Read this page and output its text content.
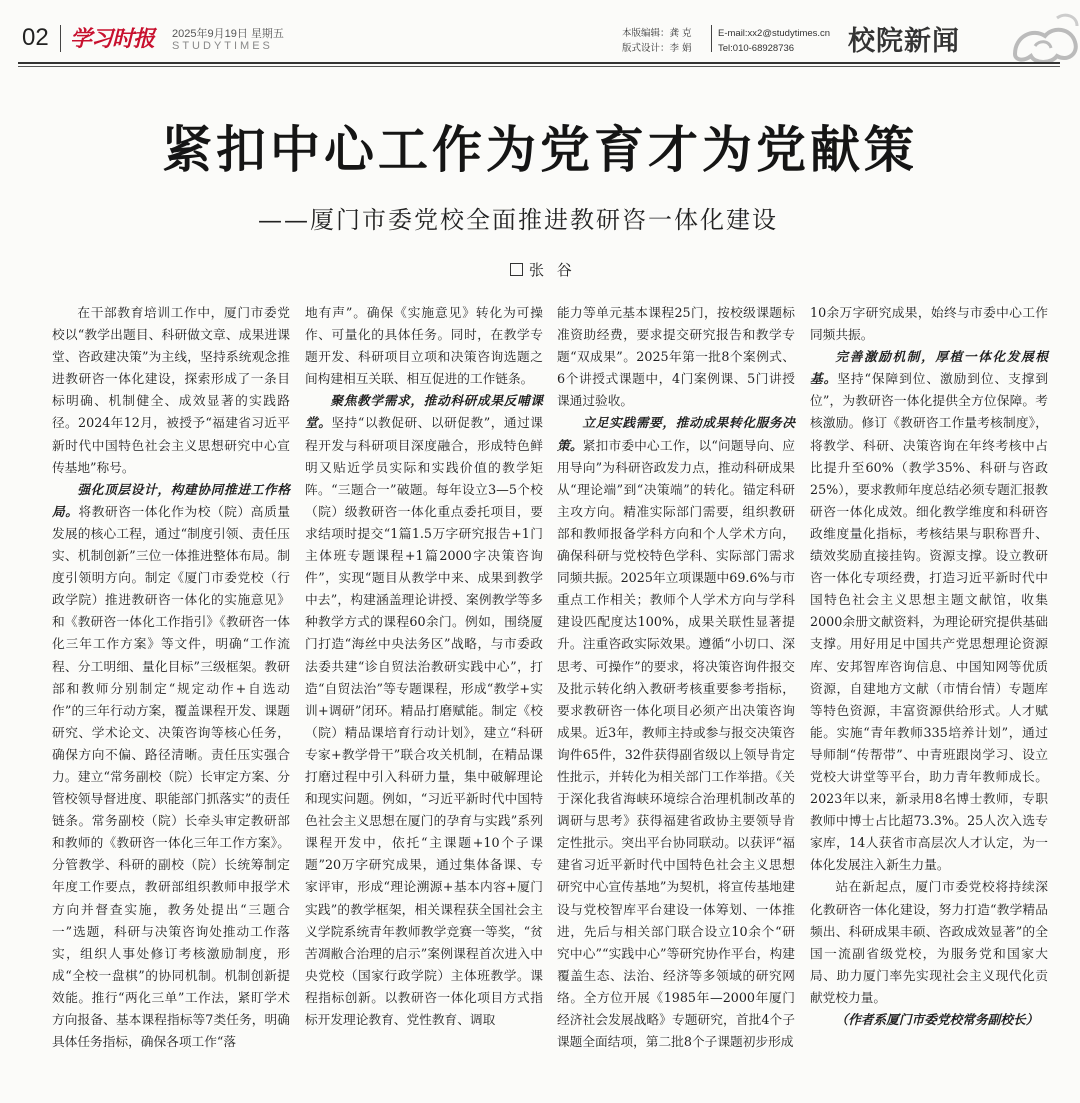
02 学习时报 2025年9月19日 星期五
STUDYTIMES
本版编辑：龚 克
版式设计：李 娟
E-mail:xx2@studytimes.cn
Tel:010-68928736	校院新闻
紧扣中心工作为党育才为党献策
——厦门市委党校全面推进教研咨一体化建设
张 谷

在干部教育培训工作中，厦门市委党校以“教学出题目、科研做文章、成果进课堂、咨政建决策”为主线，坚持系统观念推进教研咨一体化建设，探索形成了一条目标明确、机制健全、成效显著的实践路径。2024年12月，被授予“福建省习近平新时代中国特色社会主义思想研究中心宣传基地”称号。

强化顶层设计，构建协同推进工作格局。将教研咨一体化作为校（院）高质量发展的核心工程，通过“制度引领、责任压实、机制创新”三位一体推进整体布局。制度引领明方向。制定《厦门市委党校（行政学院）推进教研咨一体化的实施意见》和《教研咨一体化工作指引》《教研咨一体化三年工作方案》等文件，明确“工作流程、分工明细、量化目标”三级框架。教研部和教师分别制定“规定动作+自选动作”的三年行动方案，覆盖课程开发、课题研究、学术论文、决策咨询等核心任务，确保方向不偏、路径清晰。责任压实强合力。建立“常务副校（院）长审定方案、分管校领导督进度、职能部门抓落实”的责任链条。常务副校（院）长牵头审定教研部和教师的《教研咨一体化三年工作方案》。分管教学、科研的副校（院）长统筹制定年度工作要点，教研部组织教师申报学术方向并督查实施，教务处提出“三题合一”选题，科研与决策咨询处推动工作落实，组织人事处修订考核激励制度，形成“全校一盘棋”的协同机制。机制创新提效能。推行“两化三单”工作法，紧盯学术方向报备、基本课程指标等7类任务，明确具体任务指标，确保各项工作“落

地有声”。确保《实施意见》转化为可操作、可量化的具体任务。同时，在教学专题开发、科研项目立项和决策咨询选题之间构建相互关联、相互促进的工作链条。

聚焦教学需求，推动科研成果反哺课堂。坚持“以教促研、以研促教”，通过课程开发与科研项目深度融合，形成特色鲜明又贴近学员实际和实践价值的教学矩阵。“三题合一”破题。每年设立3—5个校（院）级教研咨一体化重点委托项目，要求结项时提交“1篇1.5万字研究报告+1门主体班专题课程+1篇2000字决策咨询件”，实现“题目从教学中来、成果到教学中去”，构建涵盖理论讲授、案例教学等多种教学方式的课程60余门。例如，围绕厦门打造“海丝中央法务区”战略，与市委政法委共建“诊自贸法治教研实践中心”，打造“自贸法治”等专题课程，形成“教学+实训+调研”闭环。精品打磨赋能。制定《校（院）精品课培育行动计划》，建立“科研专家+教学骨干”联合攻关机制，在精品课打磨过程中引入科研力量，集中破解理论和现实问题。例如，“习近平新时代中国特色社会主义思想在厦门的孕育与实践”系列课程开发中，依托“主课题+10个子课题”20万字研究成果，通过集体备课、专家评审，形成“理论溯源+基本内容+厦门实践”的教学框架，相关课程获全国社会主义学院系统青年教师教学竞赛一等奖，“贫苦凋敝合治理的启示”案例课程首次进入中央党校（国家行政学院）主体班教学。课程指标创新。以教研咨一体化项目方式指标开发理论教育、党性教育、调取

能力等单元基本课程25门，按校级课题标准资助经费，要求提交研究报告和教学专题“双成果”。2025年第一批8个案例式、6个讲授式课题中，4门案例课、5门讲授课通过验收。

立足实践需要，推动成果转化服务决策。紧扣市委中心工作，以“问题导向、应用导向”为科研咨政发力点，推动科研成果从“理论端”到“决策端”的转化。锚定科研主攻方向。精准实际部门需要，组织教研部和教师报备学科方向和个人学术方向，确保科研与党校特色学科、实际部门需求同频共振。2025年立项课题中69.6%与市重点工作相关；教师个人学术方向与学科建设匹配度达100%，成果关联性显著提升。注重咨政实际效果。遵循“小切口、深思考、可操作”的要求，将决策咨询件报交及批示转化纳入教研考核重要参考指标，要求教研咨一体化项目必须产出决策咨询成果。近3年，教师主持或参与报交决策咨询件65件，32件获得副省级以上领导肯定性批示，并转化为相关部门工作举措。《关于深化我省海峡环境综合治理机制改革的调研与思考》获得福建省政协主要领导肯定性批示。突出平台协同联动。以获评“福建省习近平新时代中国特色社会主义思想研究中心宣传基地”为契机，将宣传基地建设与党校智库平台建设一体筹划、一体推进，先后与相关部门联合设立10余个“研究中心”“实践中心”等研究协作平台，构建覆盖生态、法治、经济等多领域的研究网络。全方位开展《1985年—2000年厦门经济社会发展战略》专题研究，首批4个子课题全面结项，第二批8个子课题初步形成

10余万字研究成果，始终与市委中心工作同频共振。

完善激励机制，厚植一体化发展根基。坚持“保障到位、激励到位、支撑到位”，为教研咨一体化提供全方位保障。考核激励。修订《教研咨工作量考核制度》，将教学、科研、决策咨询在年终考核中占比提升至60%（教学35%、科研与咨政25%），要求教师年度总结必须专题汇报教研咨一体化成效。细化教学维度和科研咨政维度量化指标，考核结果与职称晋升、绩效奖励直接挂钩。资源支撑。设立教研咨一体化专项经费，打造习近平新时代中国特色社会主义思想主题文献馆，收集2000余册文献资料，为理论研究提供基础支撑。用好用足中国共产党思想理论资源库、安邦智库咨询信息、中国知网等优质资源，自建地方文献（市情台情）专题库等特色资源，丰富资源供给形式。人才赋能。实施“青年教师335培养计划”，通过导师制“传帮带”、中青班跟岗学习、设立党校大讲堂等平台，助力青年教师成长。2023年以来，新录用8名博士教师，专职教师中博士占比超73.3%。25人次入选专家库，14人获省市高层次人才认定，为一体化发展注入新生力量。

站在新起点，厦门市委党校将持续深化教研咨一体化建设，努力打造“教学精品频出、科研成果丰硕、咨政成效显著”的全国一流副省级党校，为服务党和国家大局、助力厦门率先实现社会主义现代化贡献党校力量。

（作者系厦门市委党校常务副校长）
